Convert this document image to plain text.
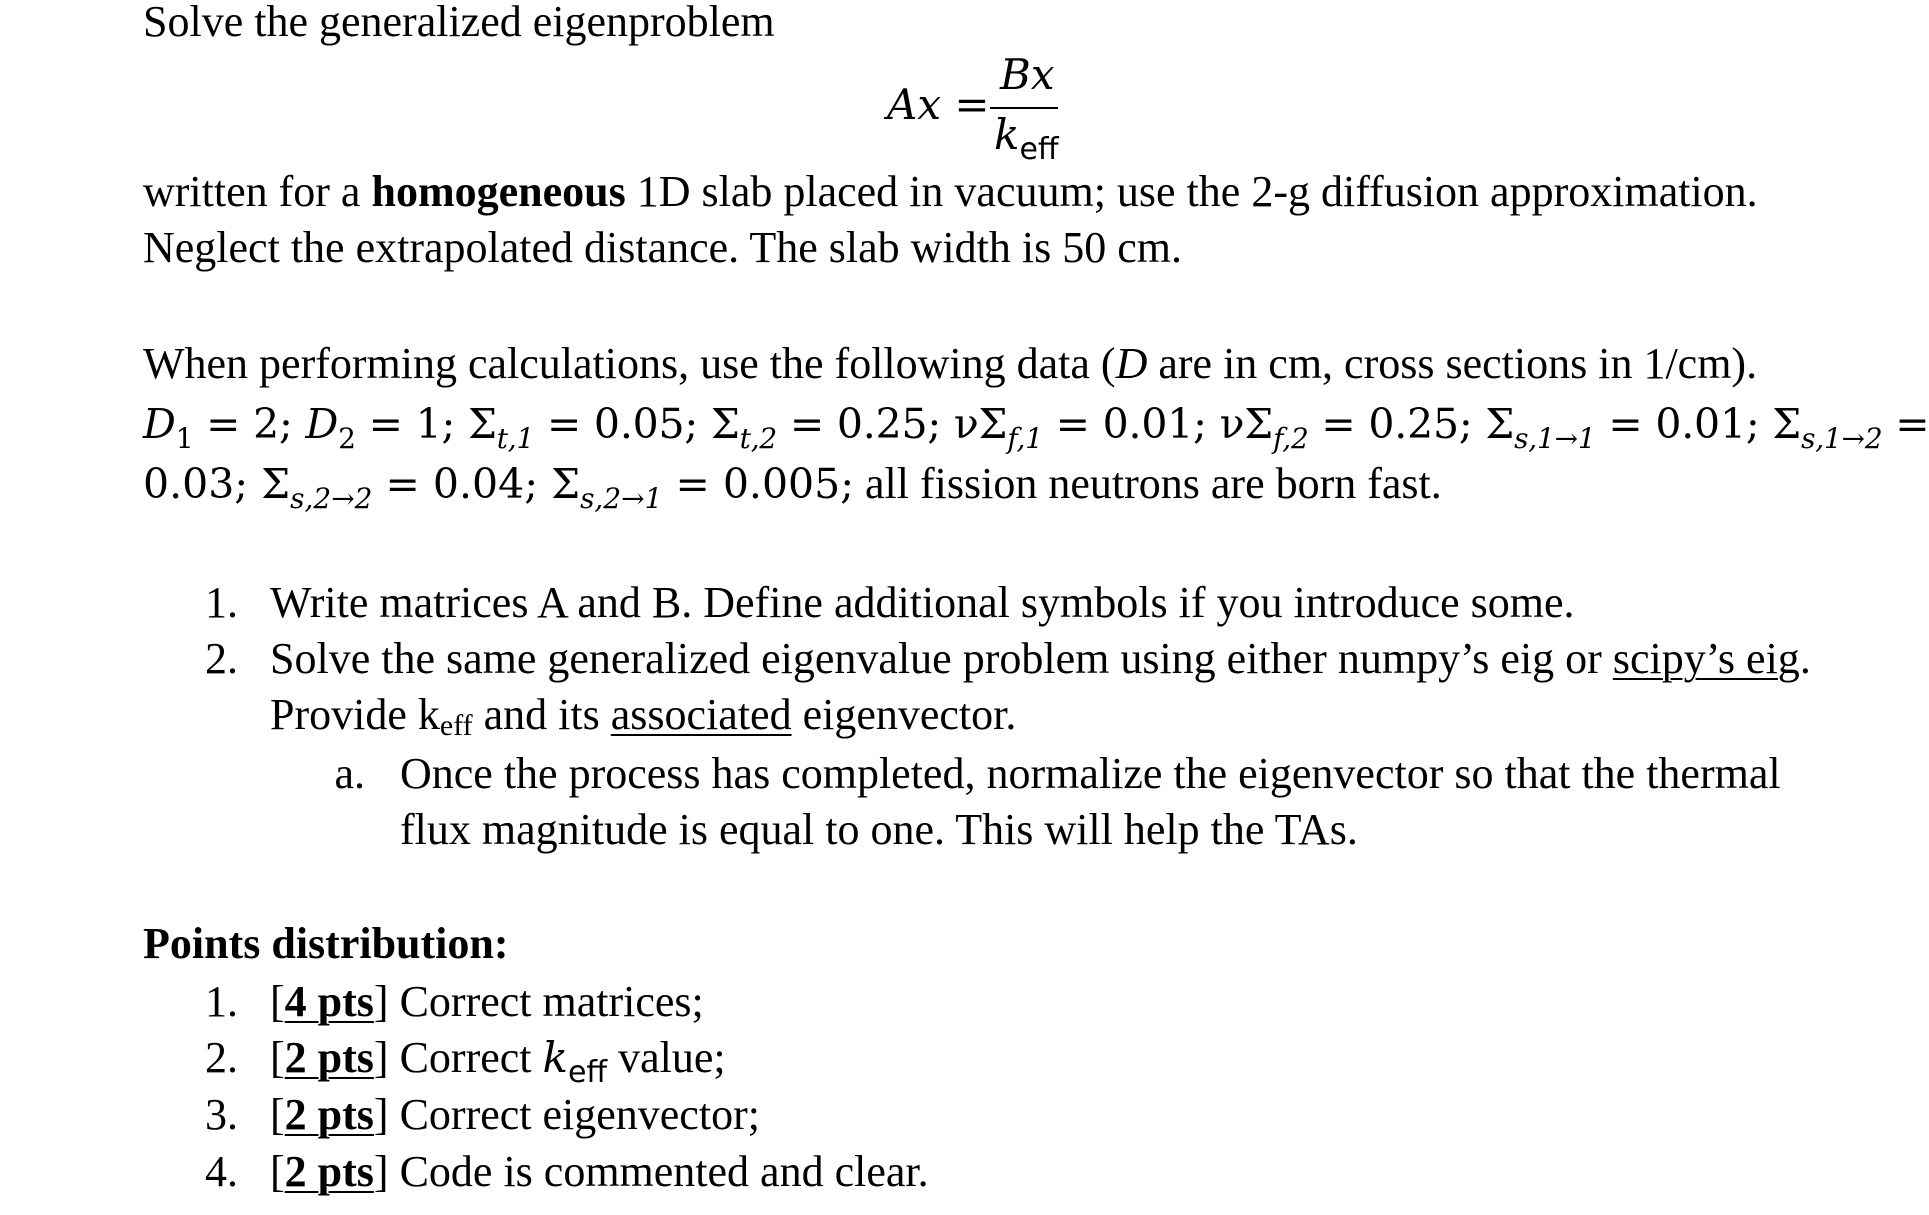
Solve the generalized eigenproblem
Ax =
Bx
$k_{eff}$
written for a homogeneous 1D slab placed in vacuum; use the 2-g diffusion approximation.
Neglect the extrapolated distance. The slab width is 50 cm.
When performing calculations, use the following data (D are in cm, cross sections in 1/cm).
$D_1 = 2$; $D_2 = 1$; $\Sigma_{t,1} = 0.05$; $\Sigma_{t,2} = 0.25$; $\nu\Sigma_{f,1} = 0.01$; $\nu\Sigma_{f,2} = 0.25$; $\Sigma_{s,1\to 1} = 0.01$; $\Sigma_{s,1\to 2}$ =
0.03; $\Sigma_{s,2\to 2} = 0.04$; $\Sigma_{s,2\to 1} = 0.005$; all fission neutrons are born fast.
1. Write matrices A and B. Define additional symbols if you introduce some.
2. Solve the same generalized eigenvalue problem using either numpy’s eig or scipy’s eig.
Provide keff and its associated eigenvector.
a. Once the process has completed, normalize the eigenvector so that the thermal
flux magnitude is equal to one. This will help the TAs.
Points distribution:
1. [4 pts] Correct matrices;
2. [2 pts] Correct $k_{eff}$ value;
3. [2 pts] Correct eigenvector;
4. [2 pts] Code is commented and clear.
